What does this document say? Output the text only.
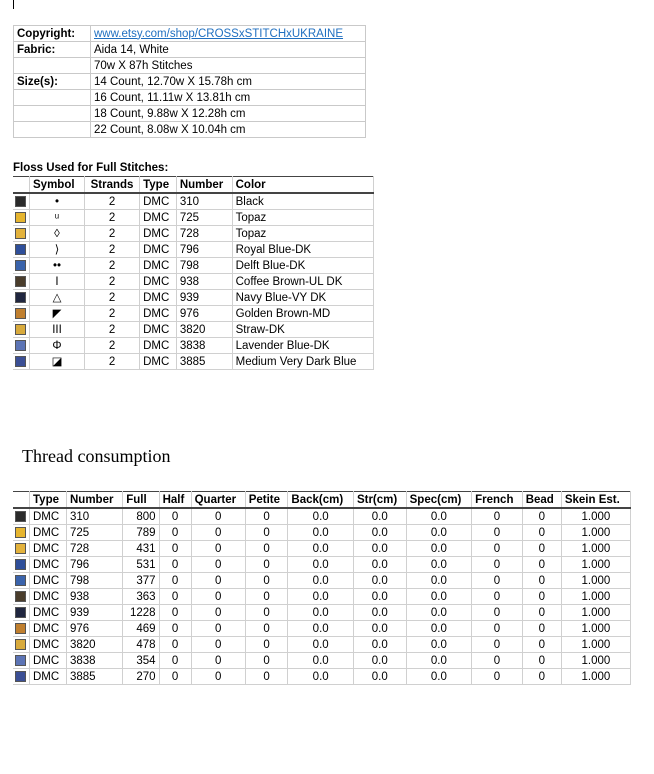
Copyright:	www.etsy.com/shop/CROSSxSTITCHxUKRAINE
Fabric:	Aida 14, White
	70w X 87h Stitches
Size(s):	14 Count, 12.70w X 15.78h cm
	16 Count, 11.11w X 13.81h cm
	18 Count, 9.88w X 12.28h cm
	22 Count, 8.08w X 10.04h cm
Floss Used for Full Stitches:
	Symbol	Strands	Type	Number	Color
	•	2	DMC	310	Black
	ᵘ	2	DMC	725	Topaz
	◊	2	DMC	728	Topaz
	⟩	2	DMC	796	Royal Blue-DK
	••	2	DMC	798	Delft Blue-DK
	I	2	DMC	938	Coffee Brown-UL DK
	△	2	DMC	939	Navy Blue-VY DK
	◤	2	DMC	976	Golden Brown-MD
	III	2	DMC	3820	Straw-DK
	Φ	2	DMC	3838	Lavender Blue-DK
	◪	2	DMC	3885	Medium Very Dark Blue
Thread consumption
	Type	Number	Full	Half	Quarter	Petite	Back(cm)	Str(cm)	Spec(cm)	French	Bead	Skein Est.
	DMC	310	800	0	0	0	0.0	0.0	0.0	0	0	1.000
	DMC	725	789	0	0	0	0.0	0.0	0.0	0	0	1.000
	DMC	728	431	0	0	0	0.0	0.0	0.0	0	0	1.000
	DMC	796	531	0	0	0	0.0	0.0	0.0	0	0	1.000
	DMC	798	377	0	0	0	0.0	0.0	0.0	0	0	1.000
	DMC	938	363	0	0	0	0.0	0.0	0.0	0	0	1.000
	DMC	939	1228	0	0	0	0.0	0.0	0.0	0	0	1.000
	DMC	976	469	0	0	0	0.0	0.0	0.0	0	0	1.000
	DMC	3820	478	0	0	0	0.0	0.0	0.0	0	0	1.000
	DMC	3838	354	0	0	0	0.0	0.0	0.0	0	0	1.000
	DMC	3885	270	0	0	0	0.0	0.0	0.0	0	0	1.000
